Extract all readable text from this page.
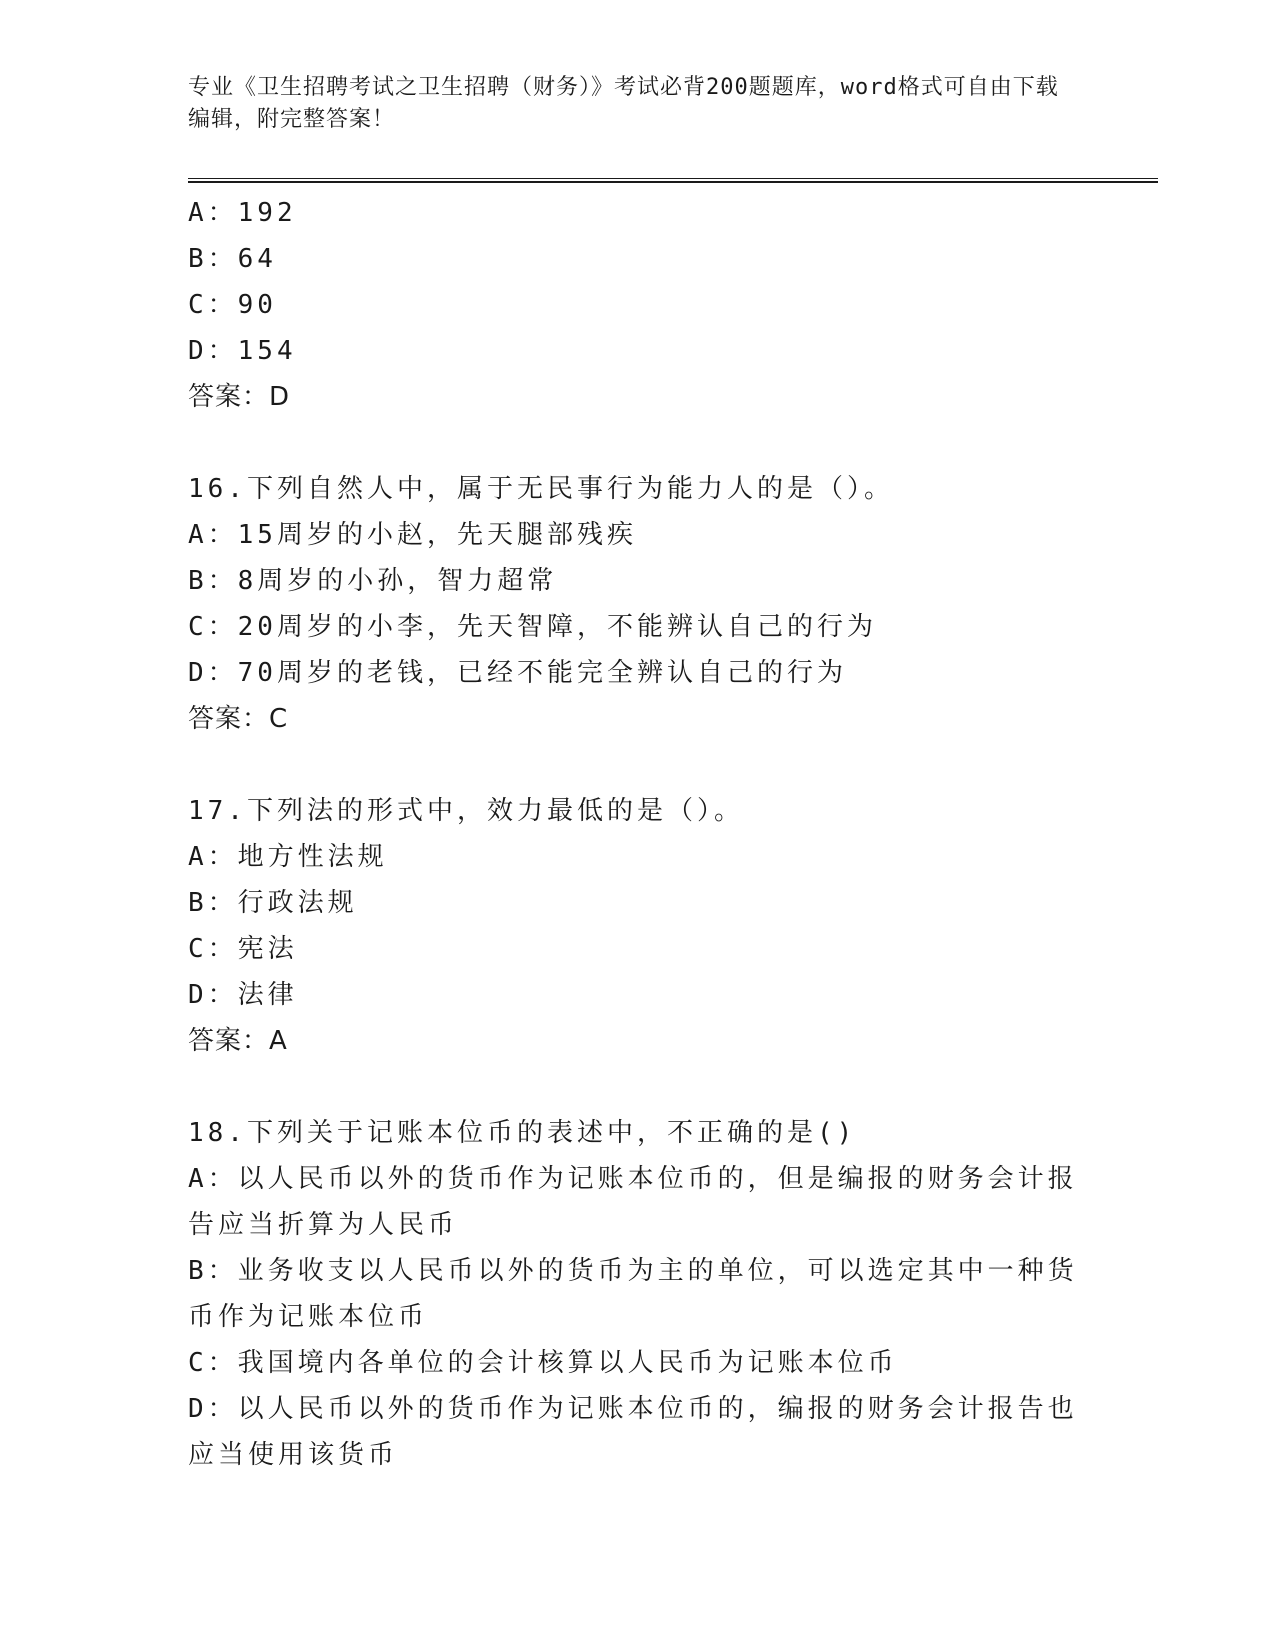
专业《卫生招聘考试之卫生招聘（财务）》考试必背200题题库，word格式可自由下载编辑，附完整答案！

A：192

B：64

C：90

D：154

答案：D

16.下列自然人中，属于无民事行为能力人的是（）。

A：15周岁的小赵，先天腿部残疾

B：8周岁的小孙，智力超常

C：20周岁的小李，先天智障，不能辨认自己的行为

D：70周岁的老钱，已经不能完全辨认自己的行为

答案：C

17.下列法的形式中，效力最低的是（）。

A：地方性法规

B：行政法规

C：宪法

D：法律

答案：A

18.下列关于记账本位币的表述中，不正确的是()

A：以人民币以外的货币作为记账本位币的，但是编报的财务会计报告应当折算为人民币

B：业务收支以人民币以外的货币为主的单位，可以选定其中一种货币作为记账本位币

C：我国境内各单位的会计核算以人民币为记账本位币

D：以人民币以外的货币作为记账本位币的，编报的财务会计报告也应当使用该货币
